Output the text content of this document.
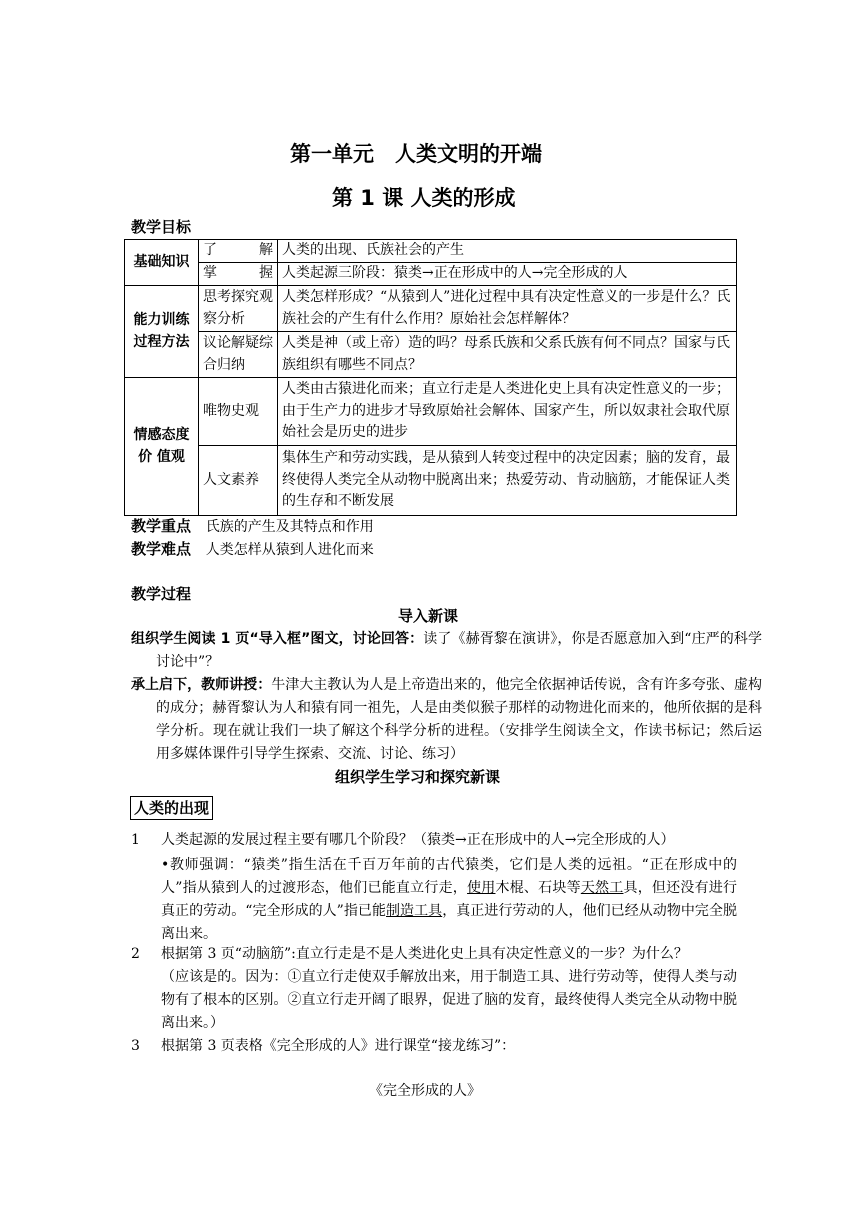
第一单元　人类文明的开端
第 1 课 人类的形成
教学目标
基础知识	了　　解	人类的出现、氏族社会的产生
	掌　　握	人类起源三阶段：猿类→正在形成中的人→完全形成的人
能力训练过程方法	思考探究观察分析	人类怎样形成？“从猿到人”进化过程中具有决定性意义的一步是什么？氏族社会的产生有什么作用？原始社会怎样解体？
	议论解疑综合归纳	人类是神（或上帝）造的吗？母系氏族和父系氏族有何不同点？国家与氏族组织有哪些不同点？
情感态度价 值观	唯物史观	人类由古猿进化而来；直立行走是人类进化史上具有决定性意义的一步；由于生产力的进步才导致原始社会解体、国家产生，所以奴隶社会取代原始社会是历史的进步
	人文素养	集体生产和劳动实践，是从猿到人转变过程中的决定因素；脑的发育，最终使得人类完全从动物中脱离出来；热爱劳动、肯动脑筋，才能保证人类的生存和不断发展
教学重点 氏族的产生及其特点和作用
教学难点 人类怎样从猿到人进化而来
教学过程
导入新课
组织学生阅读 1 页“导入框”图文，讨论回答：读了《赫胥黎在演讲》，你是否愿意加入到“庄严的科学讨论中”？
承上启下，教师讲授：牛津大主教认为人是上帝造出来的，他完全依据神话传说，含有许多夸张、虚构的成分；赫胥黎认为人和猿有同一祖先，人是由类似猴子那样的动物进化而来的，他所依据的是科学分析。现在就让我们一块了解这个科学分析的进程。（安排学生阅读全文，作读书标记；然后运用多媒体课件引导学生探索、交流、讨论、练习）
组织学生学习和探究新课
人类的出现
1 人类起源的发展过程主要有哪几个阶段？（猿类→正在形成中的人→完全形成的人）
•教师强调：“猿类”指生活在千百万年前的古代猿类，它们是人类的远祖。“正在形成中的人”指从猿到人的过渡形态，他们已能直立行走，使用木棍、石块等天然工具，但还没有进行真正的劳动。“完全形成的人”指已能制造工具，真正进行劳动的人，他们已经从动物中完全脱离出来。
2 根据第 3 页“动脑筋”:直立行走是不是人类进化史上具有决定性意义的一步？为什么？
（应该是的。因为：①直立行走使双手解放出来，用于制造工具、进行劳动等，使得人类与动物有了根本的区别。②直立行走开阔了眼界，促进了脑的发育，最终使得人类完全从动物中脱离出来。）
3 根据第 3 页表格《完全形成的人》进行课堂“接龙练习”：
《完全形成的人》
